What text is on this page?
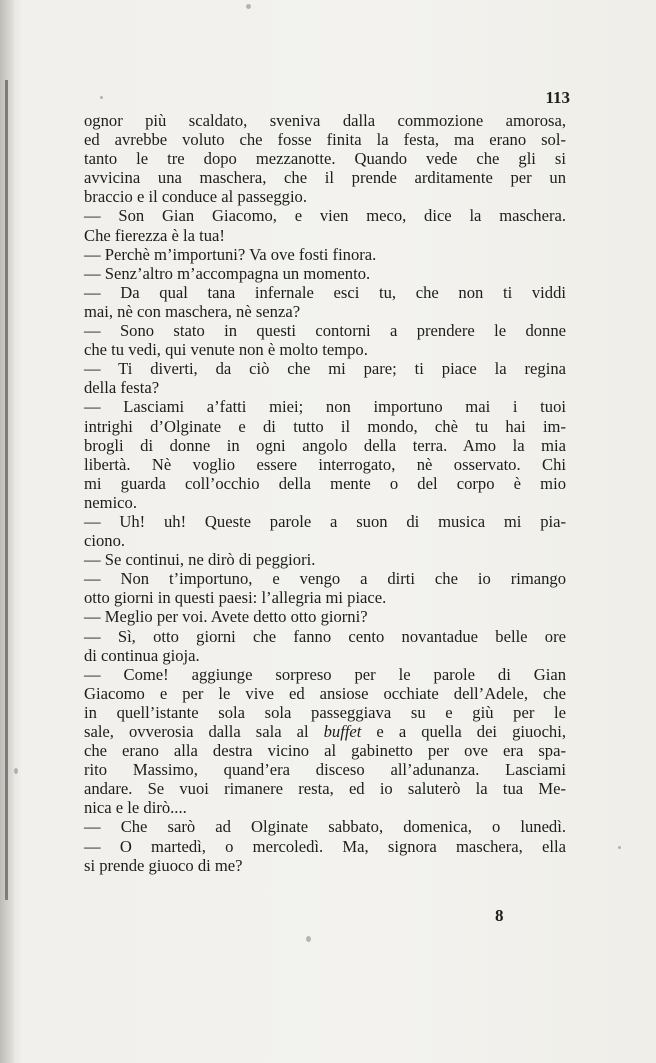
113
ognor più scaldato, sveniva dalla commozione amorosa,
ed avrebbe voluto che fosse finita la festa, ma erano sol-
tanto le tre dopo mezzanotte. Quando vede che gli si
avvicina una maschera, che il prende arditamente per un
braccio e il conduce al passeggio.
— Son Gian Giacomo, e vien meco, dice la maschera.
Che fierezza è la tua!
— Perchè m’importuni? Va ove fosti finora.
— Senz’altro m’accompagna un momento.
— Da qual tana infernale esci tu, che non ti viddi
mai, nè con maschera, nè senza?
— Sono stato in questi contorni a prendere le donne
che tu vedi, qui venute non è molto tempo.
— Ti diverti, da ciò che mi pare; ti piace la regina
della festa?
— Lasciami a’fatti miei; non importuno mai i tuoi
intrighi d’Olginate e di tutto il mondo, chè tu hai im-
brogli di donne in ogni angolo della terra. Amo la mia
libertà. Nè voglio essere interrogato, nè osservato. Chi
mi guarda coll’occhio della mente o del corpo è mio
nemico.
— Uh! uh! Queste parole a suon di musica mi pia-
ciono.
— Se continui, ne dirò di peggiori.
— Non t’importuno, e vengo a dirti che io rimango
otto giorni in questi paesi: l’allegria mi piace.
— Meglio per voi. Avete detto otto giorni?
— Sì, otto giorni che fanno cento novantadue belle ore
di continua gioja.
— Come! aggiunge sorpreso per le parole di Gian
Giacomo e per le vive ed ansiose occhiate dell’Adele, che
in quell’istante sola sola passeggiava su e giù per le
sale, ovverosia dalla sala al buffet e a quella dei giuochi,
che erano alla destra vicino al gabinetto per ove era spa-
rito Massimo, quand’era disceso all’adunanza. Lasciami
andare. Se vuoi rimanere resta, ed io saluterò la tua Me-
nica e le dirò....
— Che sarò ad Olginate sabbato, domenica, o lunedì.
— O martedì, o mercoledì. Ma, signora maschera, ella
si prende giuoco di me?
8
